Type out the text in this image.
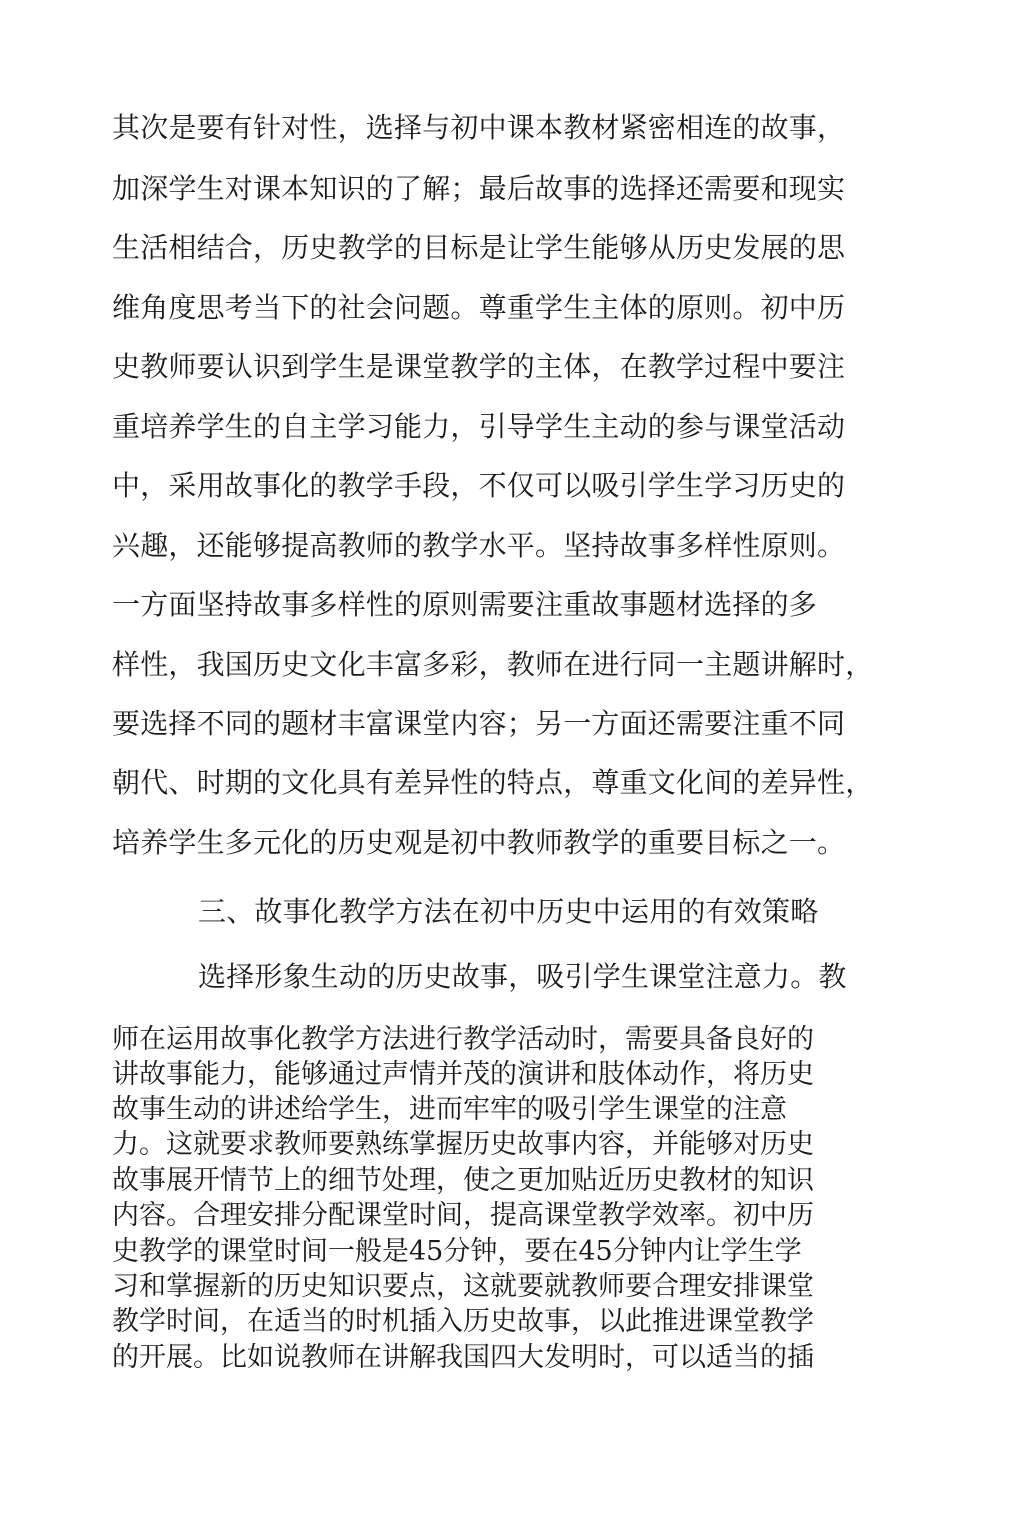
其次是要有针对性，选择与初中课本教材紧密相连的故事，
加深学生对课本知识的了解；最后故事的选择还需要和现实
生活相结合，历史教学的目标是让学生能够从历史发展的思
维角度思考当下的社会问题。尊重学生主体的原则。初中历
史教师要认识到学生是课堂教学的主体，在教学过程中要注
重培养学生的自主学习能力，引导学生主动的参与课堂活动
中，采用故事化的教学手段，不仅可以吸引学生学习历史的
兴趣，还能够提高教师的教学水平。坚持故事多样性原则。
一方面坚持故事多样性的原则需要注重故事题材选择的多
样性，我国历史文化丰富多彩，教师在进行同一主题讲解时，
要选择不同的题材丰富课堂内容；另一方面还需要注重不同
朝代、时期的文化具有差异性的特点，尊重文化间的差异性，
培养学生多元化的历史观是初中教师教学的重要目标之一。
三、故事化教学方法在初中历史中运用的有效策略
选择形象生动的历史故事，吸引学生课堂注意力。教
师在运用故事化教学方法进行教学活动时，需要具备良好的
讲故事能力，能够通过声情并茂的演讲和肢体动作，将历史
故事生动的讲述给学生，进而牢牢的吸引学生课堂的注意
力。这就要求教师要熟练掌握历史故事内容，并能够对历史
故事展开情节上的细节处理，使之更加贴近历史教材的知识
内容。合理安排分配课堂时间，提高课堂教学效率。初中历
史教学的课堂时间一般是45分钟，要在45分钟内让学生学
习和掌握新的历史知识要点，这就要就教师要合理安排课堂
教学时间，在适当的时机插入历史故事，以此推进课堂教学
的开展。比如说教师在讲解我国四大发明时，可以适当的插
